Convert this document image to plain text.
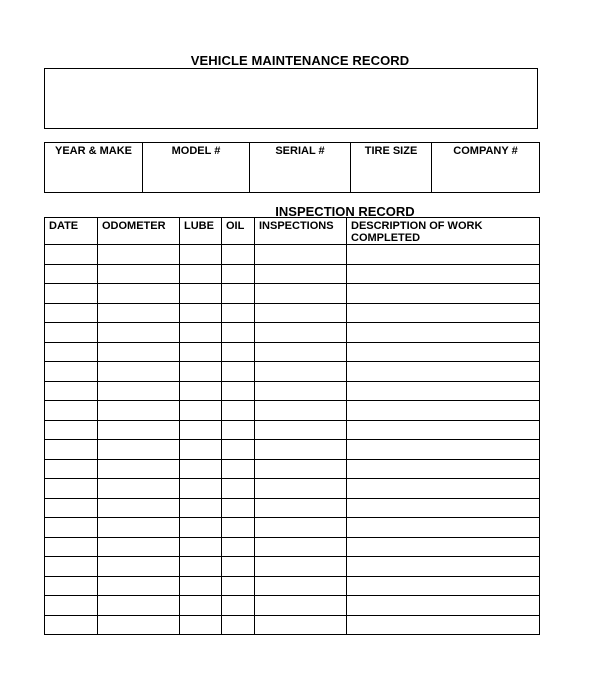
VEHICLE MAINTENANCE RECORD
YEAR & MAKE	MODEL #	SERIAL #	TIRE SIZE	COMPANY #
INSPECTION RECORD
DATE	ODOMETER	LUBE	OIL	INSPECTIONS	DESCRIPTION OF WORK COMPLETED
